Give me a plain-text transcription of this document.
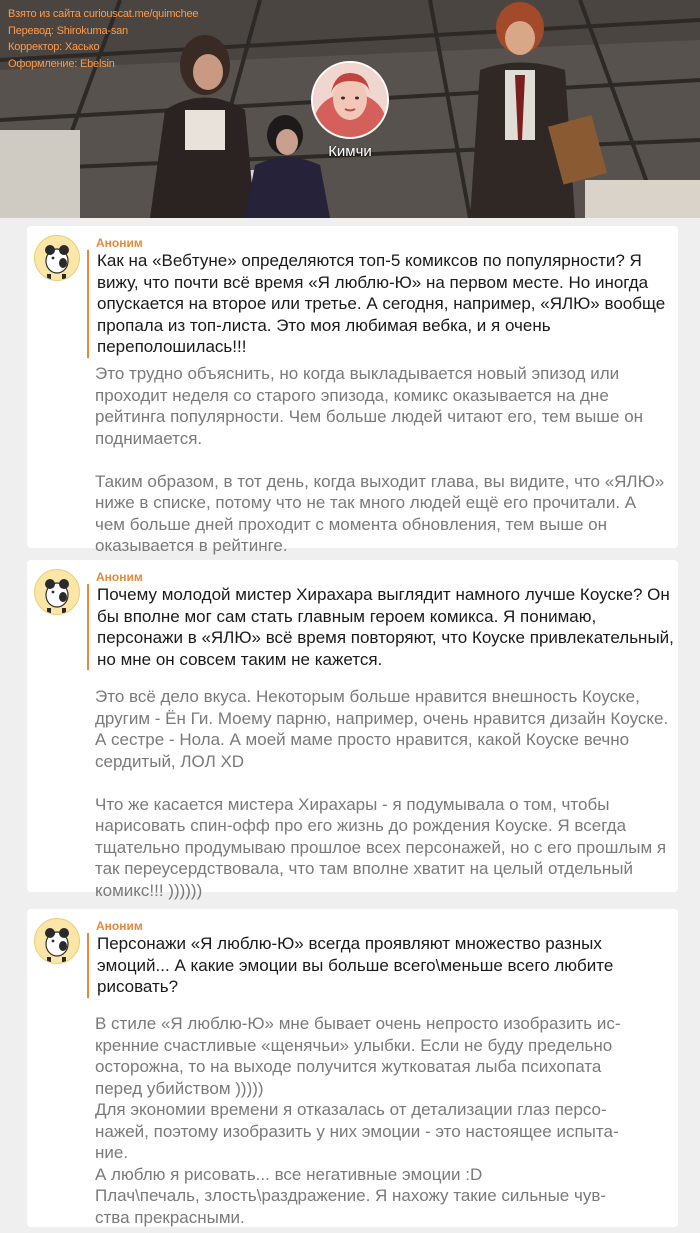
Взято из сайта curiouscat.me/quimchee
Перевод: Shirokuma-san
Корректор: Хасько
Оформление: Ebelsin
Кимчи
Аноним
Как на «Вебтуне» определяются топ-5 комиксов по популярности? Я вижу, что почти всё время «Я люблю-Ю» на первом месте. Но иногда опускается на второе или третье. А сегодня, например, «ЯЛЮ» вообще пропала из топ-листа. Это моя любимая вебка, и я очень переполошилась!!!

Это трудно объяснить, но когда выкладывается новый эпизод или проходит неделя со старого эпизода, комикс оказывается на дне рейтинга популярности. Чем больше людей читают его, тем выше он поднимается.

Таким образом, в тот день, когда выходит глава, вы видите, что «ЯЛЮ» ниже в списке, потому что не так много людей ещё его прочитали. А чем больше дней проходит с момента обновления, тем выше он оказывается в рейтинге.

Аноним
Почему молодой мистер Хирахара выглядит намного лучше Коуске? Он бы вполне мог сам стать главным героем комикса. Я понимаю, персонажи в «ЯЛЮ» всё время повторяют, что Коуске привлекательный, но мне он совсем таким не кажется.

Это всё дело вкуса. Некоторым больше нравится внешность Коуске, другим - Ён Ги. Моему парню, например, очень нравится дизайн Коуске. А сестре - Нола. А моей маме просто нравится, какой Коуске вечно сердитый, ЛОЛ XD

Что же касается мистера Хирахары - я подумывала о том, чтобы нарисовать спин-офф про его жизнь до рождения Коуске. Я всегда тщательно продумываю прошлое всех персонажей, но с его прошлым я так переусердствовала, что там вполне хватит на целый отдельный комикс!!! ))))))

Аноним
Персонажи «Я люблю-Ю» всегда проявляют множество разных эмоций... А какие эмоции вы больше всего\меньше всего любите рисовать?
В стиле «Я люблю-Ю» мне бывает очень непросто изобразить ис-
кренние счастливые «щенячьи» улыбки. Если не буду предельно
осторожна, то на выходе получится жутковатая лыба психопата
перед убийством )))))
Для экономии времени я отказалась от детализации глаз персо-
нажей, поэтому изобразить у них эмоции - это настоящее испыта-
ние.
А люблю я рисовать... все негативные эмоции :D
Плач\печаль, злость\раздражение. Я нахожу такие сильные чув-
ства прекрасными.
